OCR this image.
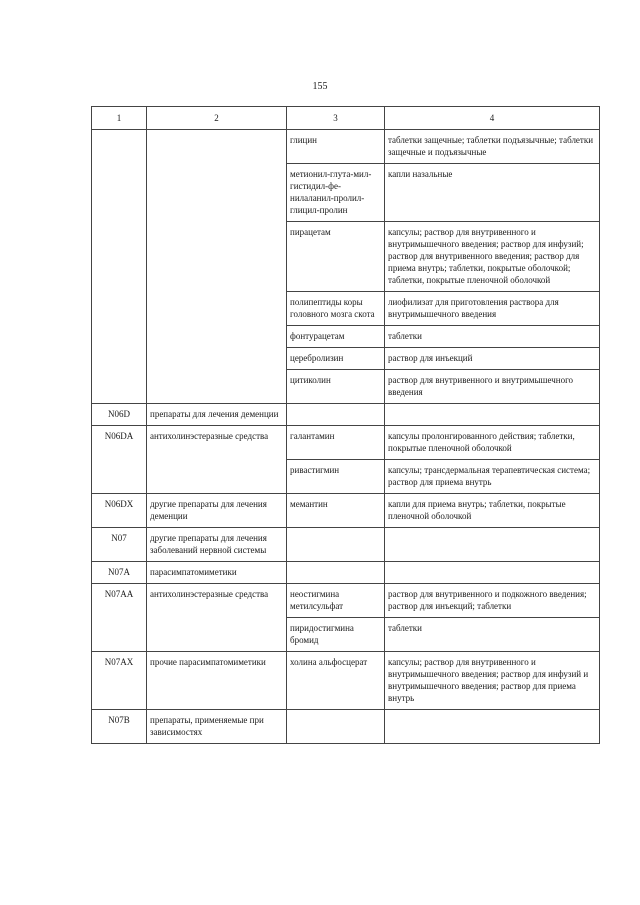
155
1	2	3	4
		глицин	таблетки защечные; таблетки подъязычные; таблетки защечные и подъязычные
		метионил-глута-мил-гистидил-фе-нилаланил-пролил-глицил-пролин	капли назальные
		пирацетам	капсулы; раствор для внутривенного и внутримышечного введения; раствор для инфузий; раствор для внутривенного введения; раствор для приема внутрь; таблетки, покрытые оболочкой; таблетки, покрытые пленочной оболочкой
		полипептиды коры головного мозга скота	лиофилизат для приготовления раствора для внутримышечного введения
		фонтурацетам	таблетки
		церебролизин	раствор для инъекций
		цитиколин	раствор для внутривенного и внутримышечного введения
N06D	препараты для лечения деменции		
N06DA	антихолинэстеразные средства	галантамин	капсулы пролонгированного действия; таблетки, покрытые пленочной оболочкой
		ривастигмин	капсулы; трансдермальная терапевтическая система; раствор для приема внутрь
N06DX	другие препараты для лечения деменции	мемантин	капли для приема внутрь; таблетки, покрытые пленочной оболочкой
N07	другие препараты для лечения заболеваний нервной системы		
N07A	парасимпатомиметики		
N07AA	антихолинэстеразные средства	неостигмина метилсульфат	раствор для внутривенного и подкожного введения; раствор для инъекций; таблетки
		пиридостигмина бромид	таблетки
N07AX	прочие парасимпатомиметики	холина альфосцерат	капсулы; раствор для внутривенного и внутримышечного введения; раствор для инфузий и внутримышечного введения; раствор для приема внутрь
N07B	препараты, применяемые при зависимостях		
